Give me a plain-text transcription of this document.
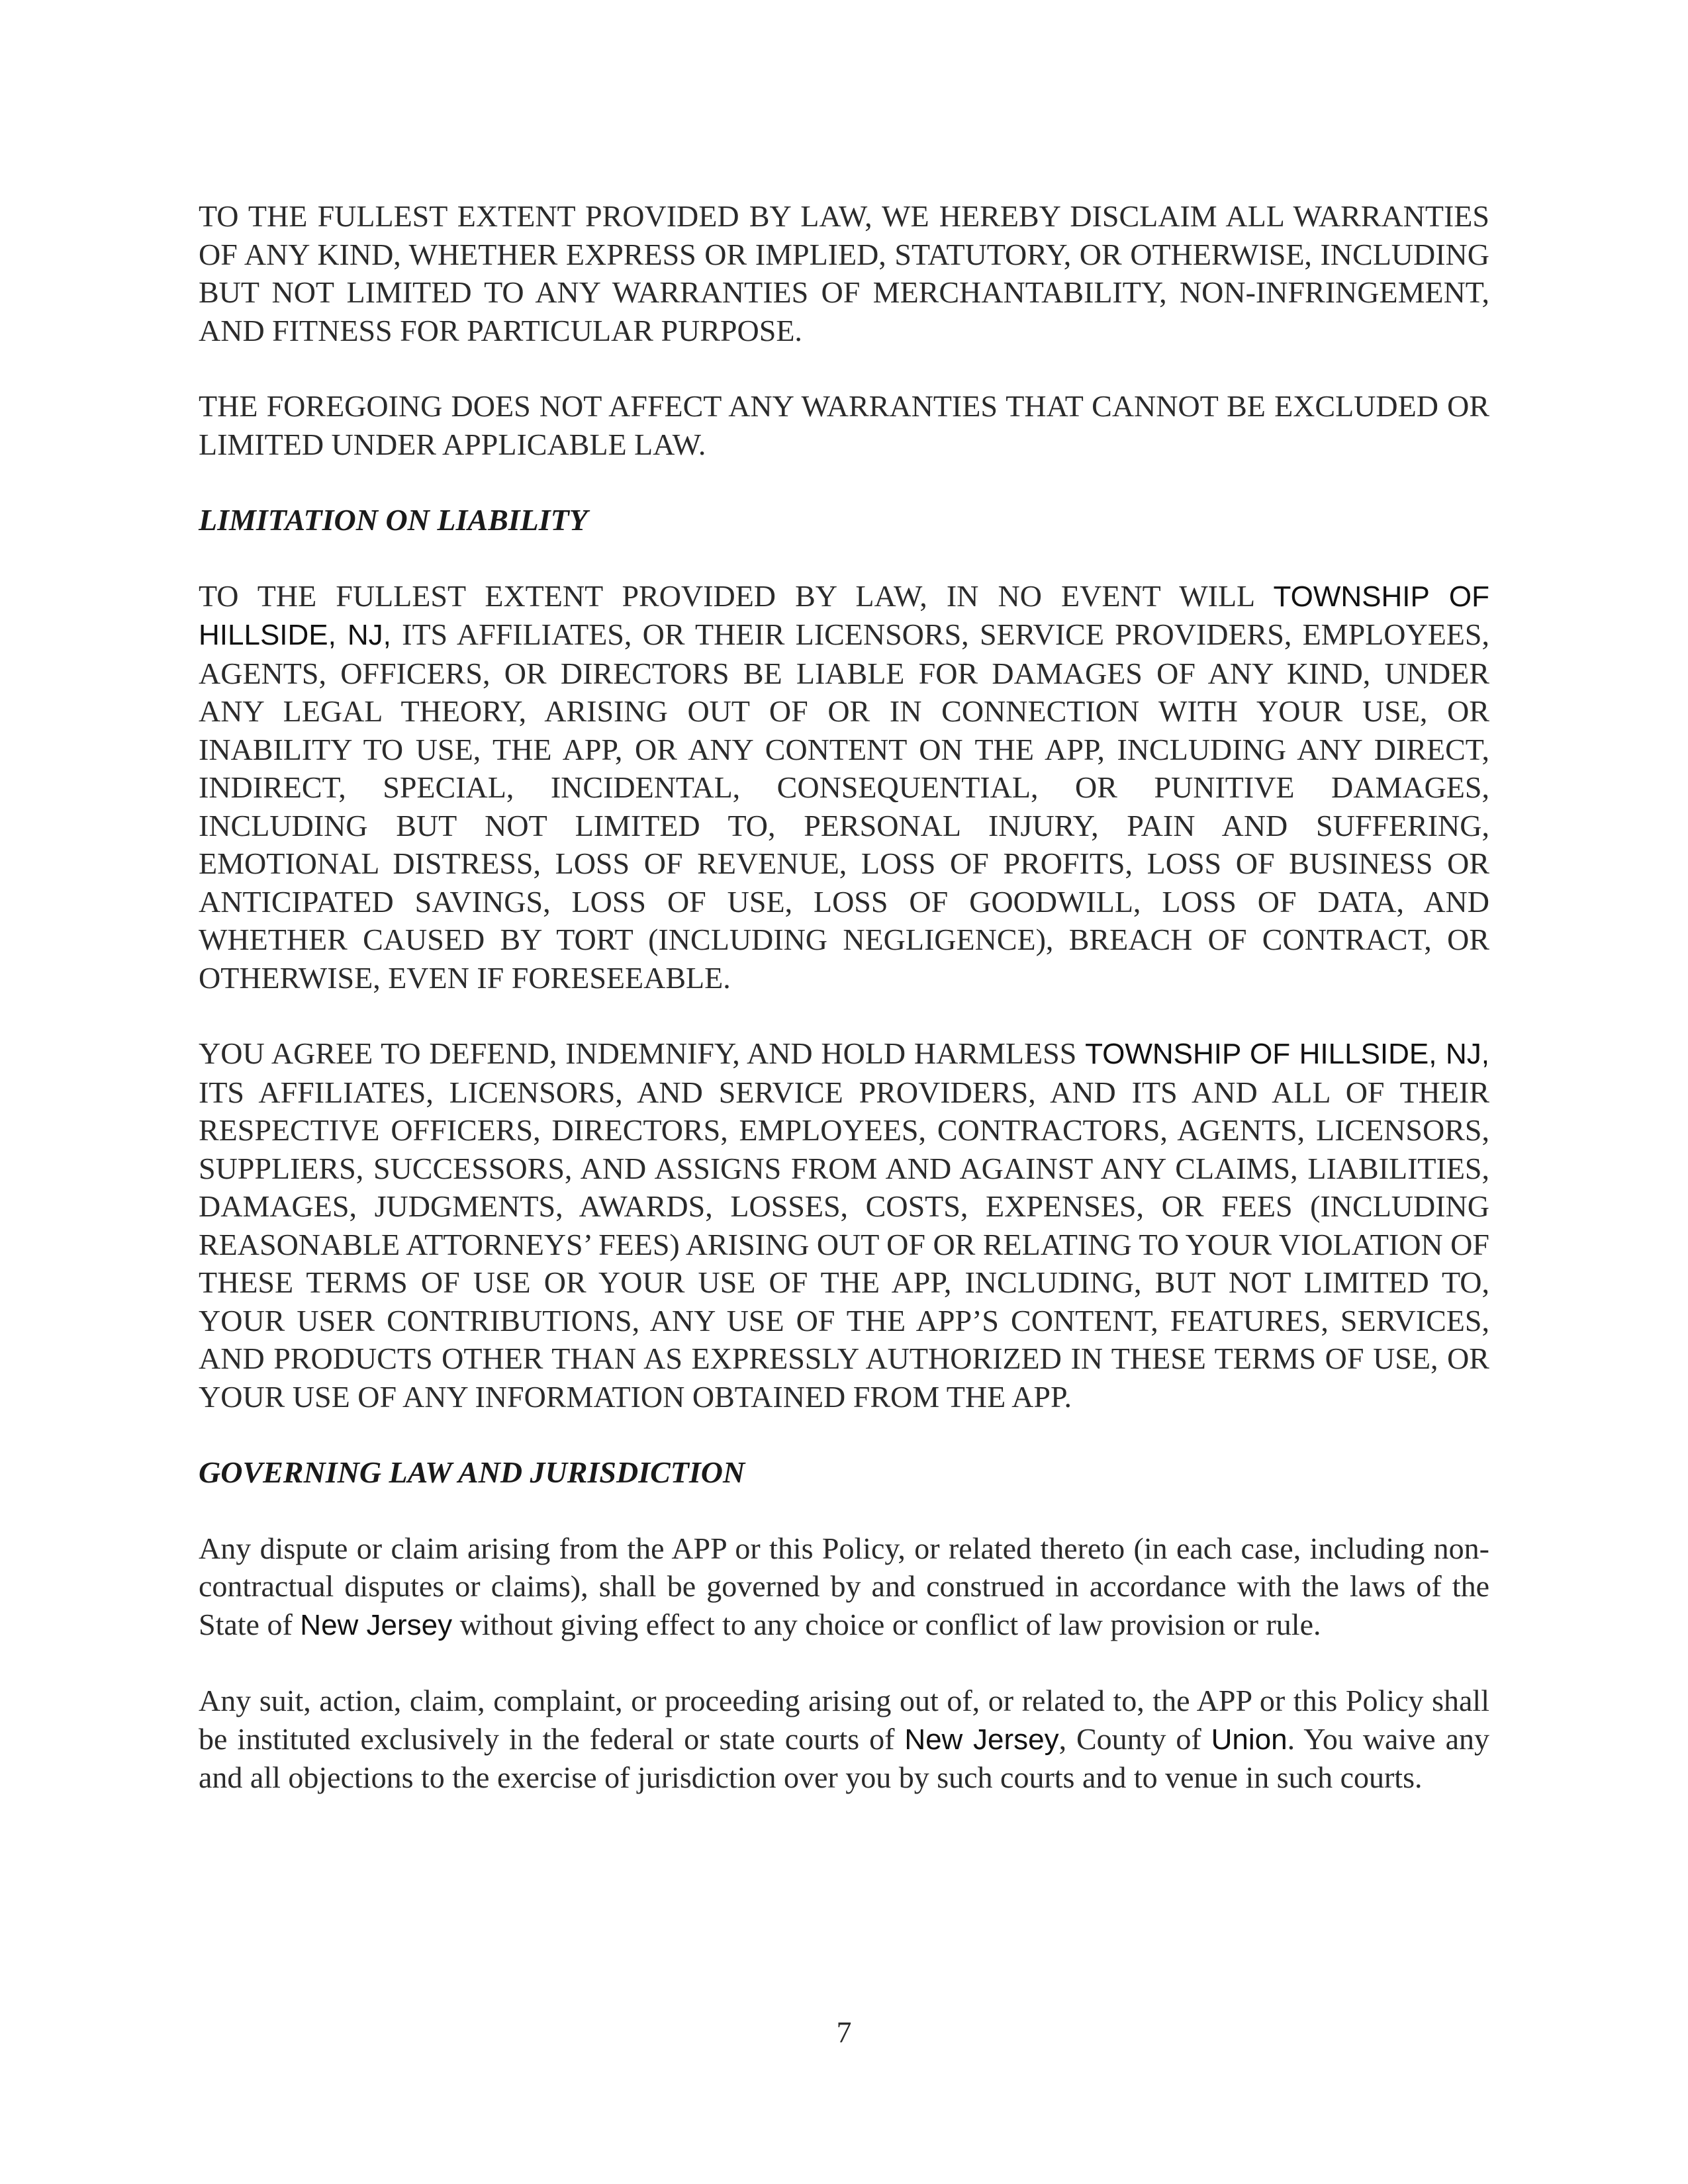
TO THE FULLEST EXTENT PROVIDED BY LAW, WE HEREBY DISCLAIM ALL WARRANTIES OF ANY KIND, WHETHER EXPRESS OR IMPLIED, STATUTORY, OR OTHERWISE, INCLUDING BUT NOT LIMITED TO ANY WARRANTIES OF MERCHANTABILITY, NON-INFRINGEMENT, AND FITNESS FOR PARTICULAR PURPOSE.

THE FOREGOING DOES NOT AFFECT ANY WARRANTIES THAT CANNOT BE EXCLUDED OR LIMITED UNDER APPLICABLE LAW.

LIMITATION ON LIABILITY

TO THE FULLEST EXTENT PROVIDED BY LAW, IN NO EVENT WILL TOWNSHIP OF HILLSIDE, NJ, ITS AFFILIATES, OR THEIR LICENSORS, SERVICE PROVIDERS, EMPLOYEES, AGENTS, OFFICERS, OR DIRECTORS BE LIABLE FOR DAMAGES OF ANY KIND, UNDER ANY LEGAL THEORY, ARISING OUT OF OR IN CONNECTION WITH YOUR USE, OR INABILITY TO USE, THE APP, OR ANY CONTENT ON THE APP, INCLUDING ANY DIRECT, INDIRECT, SPECIAL, INCIDENTAL, CONSEQUENTIAL, OR PUNITIVE DAMAGES, INCLUDING BUT NOT LIMITED TO, PERSONAL INJURY, PAIN AND SUFFERING, EMOTIONAL DISTRESS, LOSS OF REVENUE, LOSS OF PROFITS, LOSS OF BUSINESS OR ANTICIPATED SAVINGS, LOSS OF USE, LOSS OF GOODWILL, LOSS OF DATA, AND WHETHER CAUSED BY TORT (INCLUDING NEGLIGENCE), BREACH OF CONTRACT, OR OTHERWISE, EVEN IF FORESEEABLE.

YOU AGREE TO DEFEND, INDEMNIFY, AND HOLD HARMLESS TOWNSHIP OF HILLSIDE, NJ, ITS AFFILIATES, LICENSORS, AND SERVICE PROVIDERS, AND ITS AND ALL OF THEIR RESPECTIVE OFFICERS, DIRECTORS, EMPLOYEES, CONTRACTORS, AGENTS, LICENSORS, SUPPLIERS, SUCCESSORS, AND ASSIGNS FROM AND AGAINST ANY CLAIMS, LIABILITIES, DAMAGES, JUDGMENTS, AWARDS, LOSSES, COSTS, EXPENSES, OR FEES (INCLUDING REASONABLE ATTORNEYS’ FEES) ARISING OUT OF OR RELATING TO YOUR VIOLATION OF THESE TERMS OF USE OR YOUR USE OF THE APP, INCLUDING, BUT NOT LIMITED TO, YOUR USER CONTRIBUTIONS, ANY USE OF THE APP’S CONTENT, FEATURES, SERVICES, AND PRODUCTS OTHER THAN AS EXPRESSLY AUTHORIZED IN THESE TERMS OF USE, OR YOUR USE OF ANY INFORMATION OBTAINED FROM THE APP.

GOVERNING LAW AND JURISDICTION

Any dispute or claim arising from the APP or this Policy, or related thereto (in each case, including non-contractual disputes or claims), shall be governed by and construed in accordance with the laws of the State of New Jersey without giving effect to any choice or conflict of law provision or rule.

Any suit, action, claim, complaint, or proceeding arising out of, or related to, the APP or this Policy shall be instituted exclusively in the federal or state courts of New Jersey, County of Union. You waive any and all objections to the exercise of jurisdiction over you by such courts and to venue in such courts.

7
